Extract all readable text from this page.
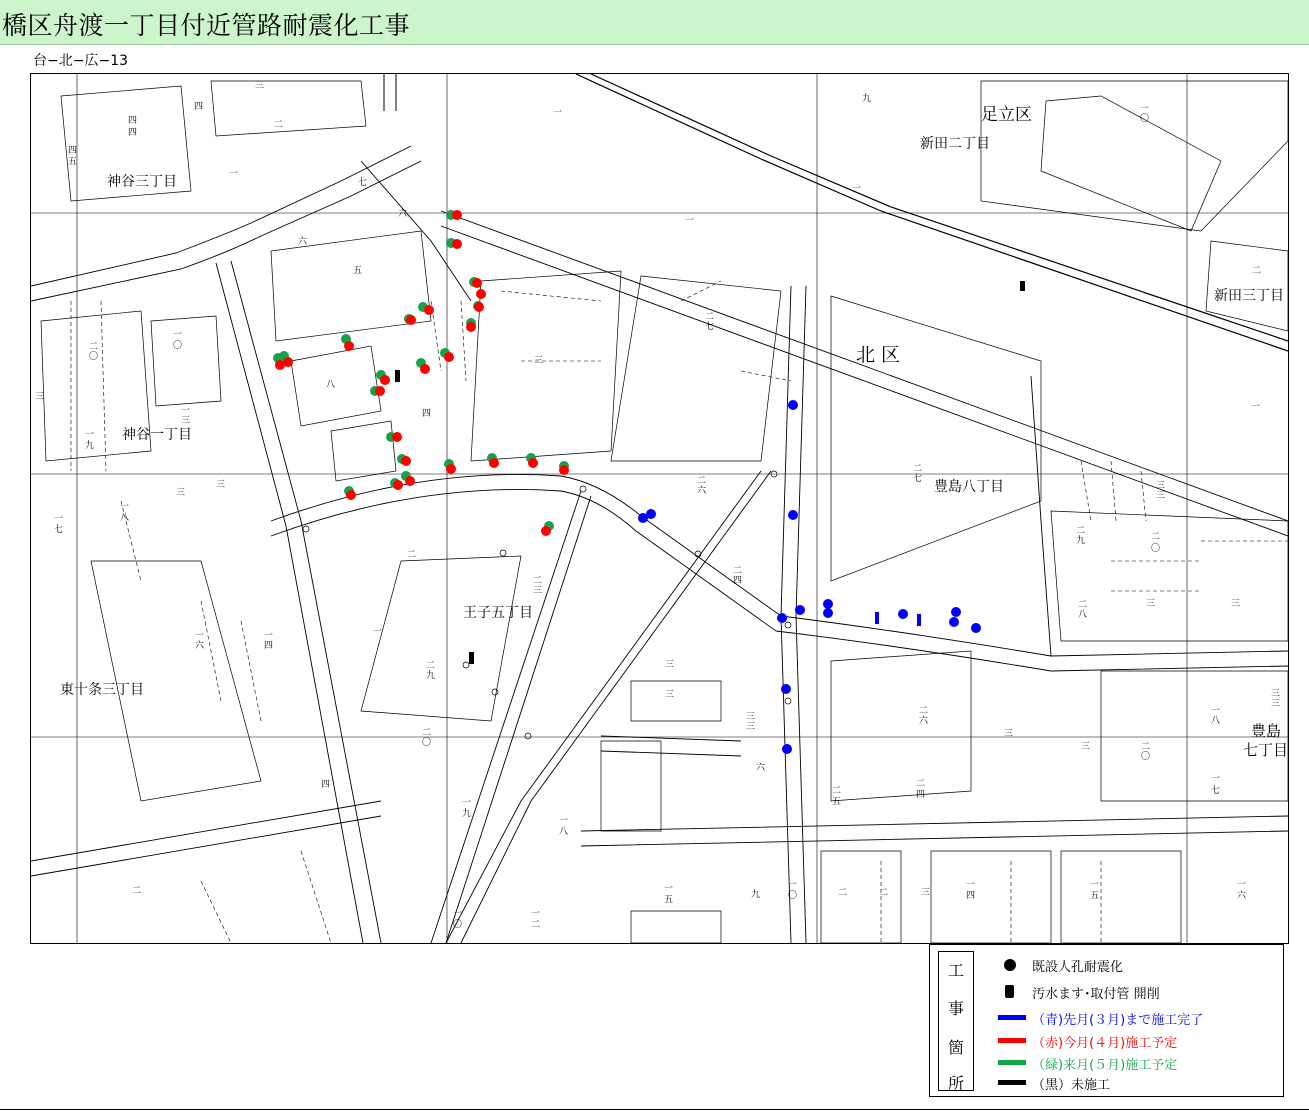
橋区舟渡一丁目付近管路耐震化工事
台−北−広−13
四
四
四
四
五
三
二
七
六
六
五
八
四
三
二
七
九
一
〇
一
一
一
二
二
七
二
六
一
二
九	二
〇
三
三
二
八
三	三
一
八
三
三
三	二
〇
一
七
三
二
六
二
四
二
五
六
三
三
二
四
三
三
二
三
二
一
二
九
二
〇
一
九
一
八
一
五	九
一
〇	二	二	三
一
四
一
五
一
六
一
〇
一
二
二
四
一
四
一
六
一
八
一
七
三
三
一
三
一
九
二
〇
一
〇
三
一
足立区
新田二丁目
新田三丁目
北 区
豊島八丁目
豊島
七丁目
神谷三丁目
神谷一丁目
王子五丁目
東十条三丁目
工
事
箇
所
既設人孔耐震化
汚水ます･取付管 開削
（青)先月(３月)まで施工完了
（赤)今月(４月)施工予定
（緑)来月(５月)施工予定
（黒）未施工
